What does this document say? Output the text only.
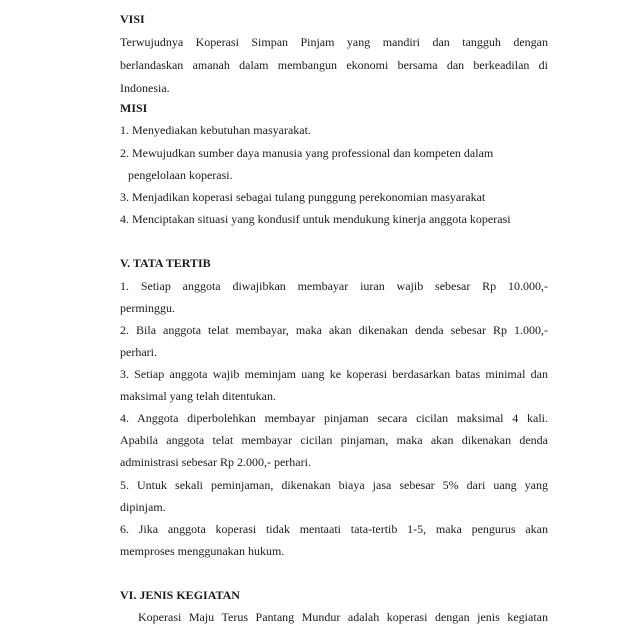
VISI
Terwujudnya Koperasi Simpan Pinjam yang mandiri dan tangguh dengan
berlandaskan amanah dalam membangun ekonomi bersama dan berkeadilan di
Indonesia.
MISI
1. Menyediakan kebutuhan masyarakat.
2. Mewujudkan sumber daya manusia yang professional dan kompeten dalam
pengelolaan koperasi.
3. Menjadikan koperasi sebagai tulang punggung perekonomian masyarakat
4. Menciptakan situasi yang kondusif untuk mendukung kinerja anggota koperasi
V. TATA TERTIB
1. Setiap anggota diwajibkan membayar iuran wajib sebesar Rp 10.000,-
perminggu.
2. Bila anggota telat membayar, maka akan dikenakan denda sebesar Rp 1.000,-
perhari.
3. Setiap anggota wajib meminjam uang ke koperasi berdasarkan batas minimal dan
maksimal yang telah ditentukan.
4. Anggota diperbolehkan membayar pinjaman secara cicilan maksimal 4 kali.
Apabila anggota telat membayar cicilan pinjaman, maka akan dikenakan denda
administrasi sebesar Rp 2.000,- perhari.
5. Untuk sekali peminjaman, dikenakan biaya jasa sebesar 5% dari uang yang
dipinjam.
6. Jika anggota koperasi tidak mentaati tata-tertib 1-5, maka pengurus akan
memproses menggunakan hukum.
VI. JENIS KEGIATAN
Koperasi Maju Terus Pantang Mundur adalah koperasi dengan jenis kegiatan
